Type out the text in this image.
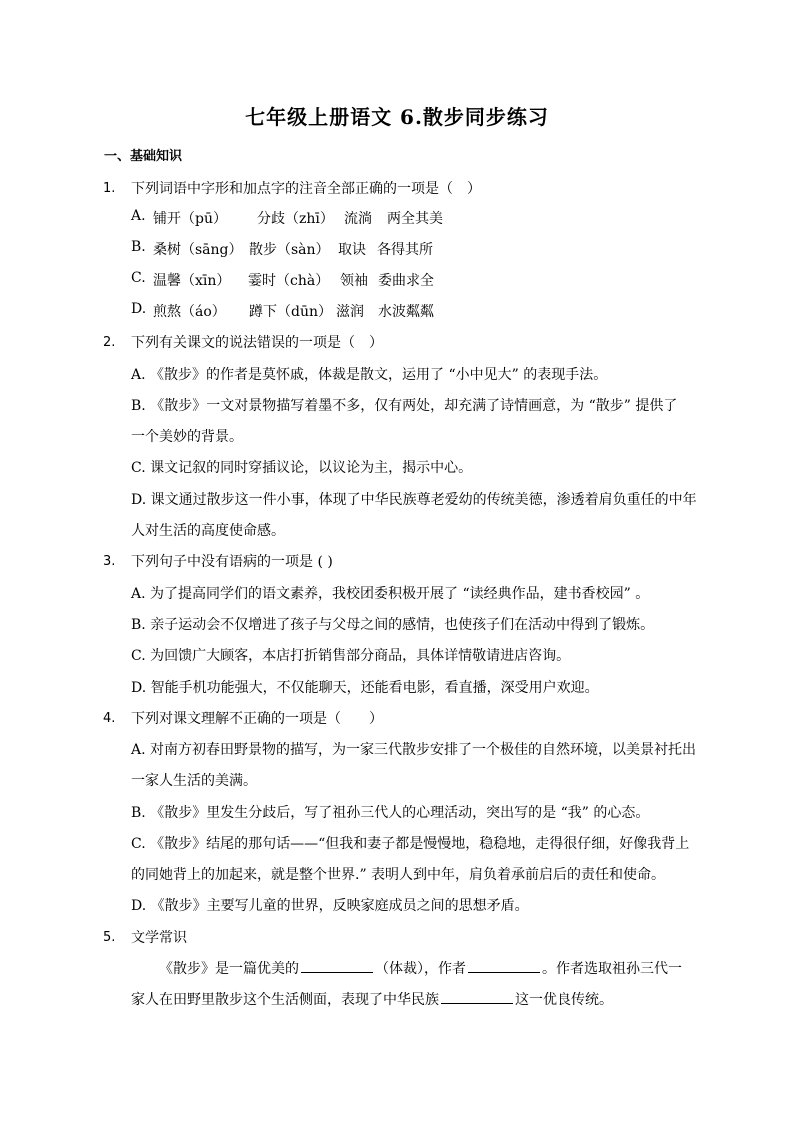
七年级上册语文 6.散步同步练习
一、基础知识
1. 下列词语中字形和加点字的注音全部正确的一项是（　）
A. 铺开（pū） 分歧（zhī） 流淌 两全其美
B. 桑树（sāng） 散步（sàn） 取诀 各得其所
C. 温馨（xīn） 霎时（chà） 领袖 委曲求全
D. 煎熬（áo） 蹲下（dūn） 滋润 水波粼粼
2. 下列有关课文的说法错误的一项是（　）
A. 《散步》的作者是莫怀戚，体裁是散文，运用了 “小中见大” 的表现手法。
B. 《散步》一文对景物描写着墨不多，仅有两处，却充满了诗情画意，为 “散步” 提供了
一个美妙的背景。
C. 课文记叙的同时穿插议论，以议论为主，揭示中心。
D. 课文通过散步这一件小事，体现了中华民族尊老爱幼的传统美德，渗透着肩负重任的中年
人对生活的高度使命感。
3. 下列句子中没有语病的一项是 ( )
A. 为了提高同学们的语文素养，我校团委积极开展了 “读经典作品，建书香校园” 。
B. 亲子运动会不仅增进了孩子与父母之间的感情，也使孩子们在活动中得到了锻炼。
C. 为回馈广大顾客，本店打折销售部分商品，具体详情敬请进店咨询。
D. 智能手机功能强大，不仅能聊天，还能看电影，看直播，深受用户欢迎。
4. 下列对课文理解不正确的一项是（　　）
A. 对南方初春田野景物的描写，为一家三代散步安排了一个极佳的自然环境，以美景衬托出
一家人生活的美满。
B. 《散步》里发生分歧后，写了祖孙三代人的心理活动，突出写的是 “我” 的心态。
C. 《散步》结尾的那句话——“但我和妻子都是慢慢地，稳稳地，走得很仔细，好像我背上
的同她背上的加起来，就是整个世界.” 表明人到中年，肩负着承前启后的责任和使命。
D. 《散步》主要写儿童的世界，反映家庭成员之间的思想矛盾。
5. 文学常识
《散步》是一篇优美的	（体裁），作者	。作者选取祖孙三代一
家人在田野里散步这个生活侧面，表现了中华民族	这一优良传统。
